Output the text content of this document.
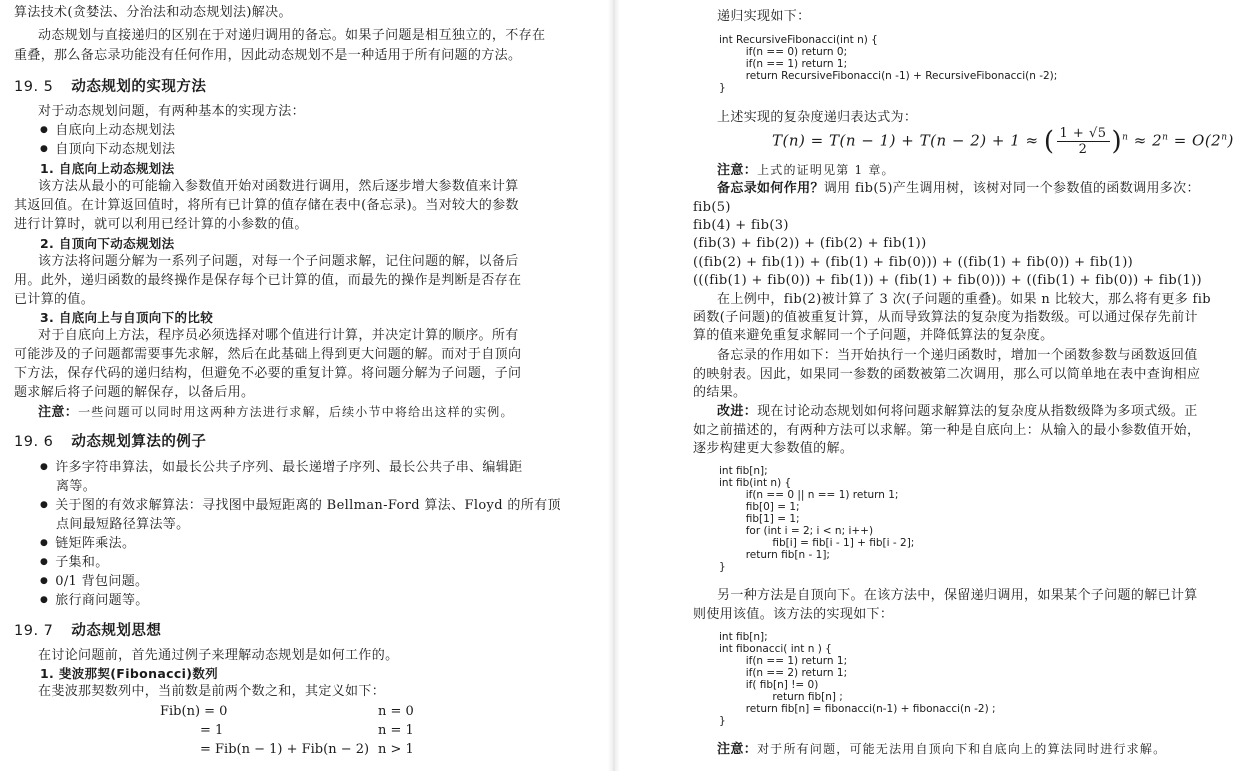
算法技术(贪婪法、分治法和动态规划法)解决。
动态规划与直接递归的区别在于对递归调用的备忘。如果子问题是相互独立的，不存在
重叠，那么备忘录功能没有任何作用，因此动态规划不是一种适用于所有问题的方法。
19. 5 动态规划的实现方法
对于动态规划问题，有两种基本的实现方法：
● 自底向上动态规划法
● 自顶向下动态规划法
1. 自底向上动态规划法
该方法从最小的可能输入参数值开始对函数进行调用，然后逐步增大参数值来计算
其返回值。在计算返回值时，将所有已计算的值存储在表中(备忘录)。当对较大的参数
进行计算时，就可以利用已经计算的小参数的值。
2. 自顶向下动态规划法
该方法将问题分解为一系列子问题，对每一个子问题求解，记住问题的解，以备后
用。此外，递归函数的最终操作是保存每个已计算的值，而最先的操作是判断是否存在
已计算的值。
3. 自底向上与自顶向下的比较
对于自底向上方法，程序员必须选择对哪个值进行计算，并决定计算的顺序。所有
可能涉及的子问题都需要事先求解，然后在此基础上得到更大问题的解。而对于自顶向
下方法，保存代码的递归结构，但避免不必要的重复计算。将问题分解为子问题，子问
题求解后将子问题的解保存，以备后用。
注意：一些问题可以同时用这两种方法进行求解，后续小节中将给出这样的实例。
19. 6 动态规划算法的例子
● 许多字符串算法，如最长公共子序列、最长递增子序列、最长公共子串、编辑距
离等。
● 关于图的有效求解算法：寻找图中最短距离的 Bellman-Ford 算法、Floyd 的所有顶
点间最短路径算法等。
● 链矩阵乘法。
● 子集和。
● 0/1 背包问题。
● 旅行商问题等。
19. 7 动态规划思想
在讨论问题前，首先通过例子来理解动态规划是如何工作的。
1. 斐波那契(Fibonacci)数列
在斐波那契数列中，当前数是前两个数之和，其定义如下：
Fib(n) = 0	n = 0
= 1	n = 1
= Fib(n − 1) + Fib(n − 2) n > 1
递归实现如下：
int RecursiveFibonacci(int n) {
if(n == 0) return 0;
if(n == 1) return 1;
return RecursiveFibonacci(n -1) + RecursiveFibonacci(n -2);
}
上述实现的复杂度递归表达式为：
T(n) = T(n − 1) + T(n − 2) + 1 ≈ ( $\frac{1 + √5}{2} )^n \approx 2^n = O(2^n)$
注意：上式的证明见第 1 章。
备忘录如何作用？调用 fib(5)产生调用树，该树对同一个参数值的函数调用多次：
fib(5)
fib(4) + fib(3)
(fib(3) + fib(2)) + (fib(2) + fib(1))
((fib(2) + fib(1)) + (fib(1) + fib(0))) + ((fib(1) + fib(0)) + fib(1))
(((fib(1) + fib(0)) + fib(1)) + (fib(1) + fib(0))) + ((fib(1) + fib(0)) + fib(1))
在上例中，fib(2)被计算了 3 次(子问题的重叠)。如果 n 比较大，那么将有更多 fib
函数(子问题)的值被重复计算，从而导致算法的复杂度为指数级。可以通过保存先前计
算的值来避免重复求解同一个子问题，并降低算法的复杂度。
备忘录的作用如下：当开始执行一个递归函数时，增加一个函数参数与函数返回值
的映射表。因此，如果同一参数的函数被第二次调用，那么可以简单地在表中查询相应
的结果。
改进：现在讨论动态规划如何将问题求解算法的复杂度从指数级降为多项式级。正
如之前描述的，有两种方法可以求解。第一种是自底向上：从输入的最小参数值开始，
逐步构建更大参数值的解。
int fib[n];
int fib(int n) {
if(n == 0 || n == 1) return 1;
fib[0] = 1;
fib[1] = 1;
for (int i = 2; i < n; i++)
fib[i] = fib[i - 1] + fib[i - 2];
return fib[n - 1];
}
另一种方法是自顶向下。在该方法中，保留递归调用，如果某个子问题的解已计算
则使用该值。该方法的实现如下：
int fib[n];
int fibonacci( int n ) {
if(n == 1) return 1;
if(n == 2) return 1;
if( fib[n] != 0)
return fib[n] ;
return fib[n] = fibonacci(n-1) + fibonacci(n -2) ;
}
注意：对于所有问题，可能无法用自顶向下和自底向上的算法同时进行求解。
